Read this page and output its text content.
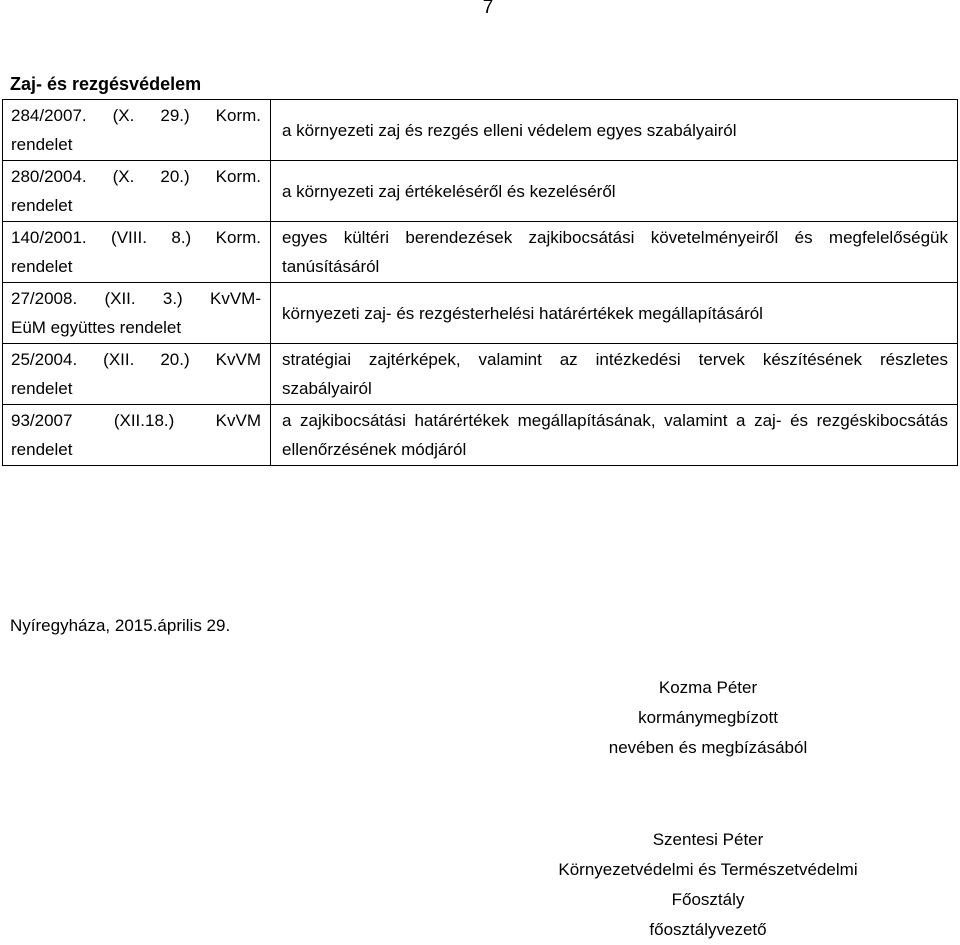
7
Zaj- és rezgésvédelem
284/2007. (X. 29.) Korm.
rendelet	a környezeti zaj és rezgés elleni védelem egyes szabályairól

280/2004. (X. 20.) Korm.
rendelet	a környezeti zaj értékeléséről és kezeléséről

140/2001. (VIII. 8.) Korm.
rendelet	egyes kültéri berendezések zajkibocsátási követelményeiről és megfelelőségük tanúsításáról

27/2008. (XII. 3.) KvVM-
EüM együttes rendelet	környezeti zaj- és rezgésterhelési határértékek megállapításáról

25/2004. (XII. 20.) KvVM
rendelet	stratégiai zajtérképek, valamint az intézkedési tervek készítésének részletes szabályairól

93/2007 (XII.18.) KvVM
rendelet	a zajkibocsátási határértékek megállapításának, valamint a zaj- és rezgéskibocsátás ellenőrzésének módjáról
Nyíregyháza, 2015.április 29.
Kozma Péter
kormánymegbízott
nevében és megbízásából
Szentesi Péter
Környezetvédelmi és Természetvédelmi
Főosztály
főosztályvezető
